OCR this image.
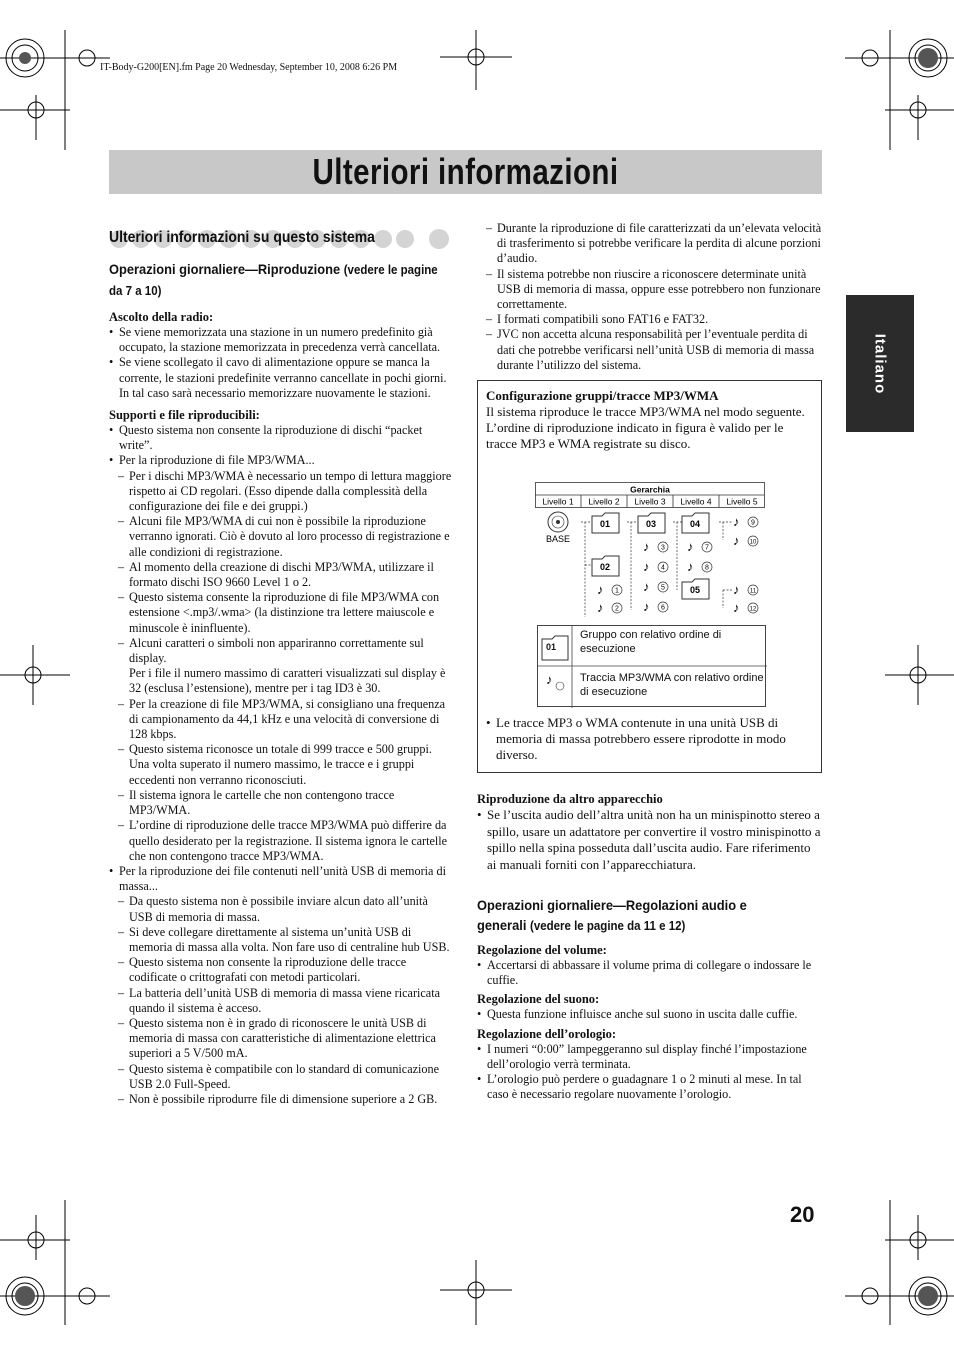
IT-Body-G200[EN].fm Page 20 Wednesday, September 10, 2008 6:26 PM
Ulteriori informazioni
Italiano
20
Ulteriori informazioni su questo sistema
Operazioni giornaliere—Riproduzione (vedere le pagine da 7 a 10)

Ascolto della radio:

• Se viene memorizzata una stazione in un numero predefinito già occupato, la stazione memorizzata in precedenza verrà cancellata.

• Se viene scollegato il cavo di alimentazione oppure se manca la corrente, le stazioni predefinite verranno cancellate in pochi giorni. In tal caso sarà necessario memorizzare nuovamente le stazioni.

Supporti e file riproducibili:

• Questo sistema non consente la riproduzione di dischi “packet write”.

• Per la riproduzione di file MP3/WMA...

– Per i dischi MP3/WMA è necessario un tempo di lettura maggiore rispetto ai CD regolari. (Esso dipende dalla complessità della configurazione dei file e dei gruppi.)

– Alcuni file MP3/WMA di cui non è possibile la riproduzione verranno ignorati. Ciò è dovuto al loro processo di registrazione e alle condizioni di registrazione.

– Al momento della creazione di dischi MP3/WMA, utilizzare il formato dischi ISO 9660 Level 1 o 2.

– Questo sistema consente la riproduzione di file MP3/WMA con estensione <.mp3/.wma> (la distinzione tra lettere maiuscole e minuscole è ininfluente).

– Alcuni caratteri o simboli non appariranno correttamente sul display.

Per i file il numero massimo di caratteri visualizzati sul display è 32 (esclusa l’estensione), mentre per i tag ID3 è 30.

– Per la creazione di file MP3/WMA, si consigliano una frequenza di campionamento da 44,1 kHz e una velocità di conversione di 128 kbps.

– Questo sistema riconosce un totale di 999 tracce e 500 gruppi. Una volta superato il numero massimo, le tracce e i gruppi eccedenti non verranno riconosciuti.

– Il sistema ignora le cartelle che non contengono tracce MP3/WMA.

– L’ordine di riproduzione delle tracce MP3/WMA può differire da quello desiderato per la registrazione. Il sistema ignora le cartelle che non contengono tracce MP3/WMA.

• Per la riproduzione dei file contenuti nell’unità USB di memoria di massa...

– Da questo sistema non è possibile inviare alcun dato all’unità USB di memoria di massa.

– Si deve collegare direttamente al sistema un’unità USB di memoria di massa alla volta. Non fare uso di centraline hub USB.

– Questo sistema non consente la riproduzione delle tracce codificate o crittografati con metodi particolari.

– La batteria dell’unità USB di memoria di massa viene ricaricata quando il sistema è acceso.

– Questo sistema non è in grado di riconoscere le unità USB di memoria di massa con caratteristiche di alimentazione elettrica superiori a 5 V/500 mA.

– Questo sistema è compatibile con lo standard di comunicazione USB 2.0 Full-Speed.

– Non è possibile riprodurre file di dimensione superiore a 2 GB.

– Durante la riproduzione di file caratterizzati da un’elevata velocità di trasferimento si potrebbe verificare la perdita di alcune porzioni d’audio.

– Il sistema potrebbe non riuscire a riconoscere determinate unità USB di memoria di massa, oppure esse potrebbero non funzionare correttamente.

– I formati compatibili sono FAT16 e FAT32.

– JVC non accetta alcuna responsabilità per l’eventuale perdita di dati che potrebbe verificarsi nell’unità USB di memoria di massa durante l’utilizzo del sistema.

Configurazione gruppi/tracce MP3/WMA

Il sistema riproduce le tracce MP3/WMA nel modo seguente.

L’ordine di riproduzione indicato in figura è valido per le tracce MP3 e WMA registrate su disco.

• Le tracce MP3 o WMA contenute in una unità USB di memoria di massa potrebbero essere riprodotte in modo diverso.

Gerarchia
Livello 1 Livello 2 Livello 3 Livello 4 Livello 5
BASE
01
02
03	04
05
♪
♪
♪
♪
♪
♪
♪
♪
♪
♪
♪
♪
1
2
3
4
5
6
7
8
9
10
11
12
♪
01
Gruppo con relativo ordine di esecuzione
Traccia MP3/WMA con relativo ordine di esecuzione

Riproduzione da altro apparecchio

• Se l’uscita audio dell’altra unità non ha un minispinotto stereo a spillo, usare un adattatore per convertire il vostro minispinotto a spillo nella spina posseduta dall’uscita audio. Fare riferimento ai manuali forniti con l’apparecchiatura.

Operazioni giornaliere—Regolazioni audio e
generali (vedere le pagine da 11 e 12)

Regolazione del volume:

• Accertarsi di abbassare il volume prima di collegare o indossare le cuffie.

Regolazione del suono:

• Questa funzione influisce anche sul suono in uscita dalle cuffie.

Regolazione dell’orologio:

• I numeri “0:00” lampeggeranno sul display finché l’impostazione dell’orologio verrà terminata.

• L’orologio può perdere o guadagnare 1 o 2 minuti al mese. In tal caso è necessario regolare nuovamente l’orologio.
